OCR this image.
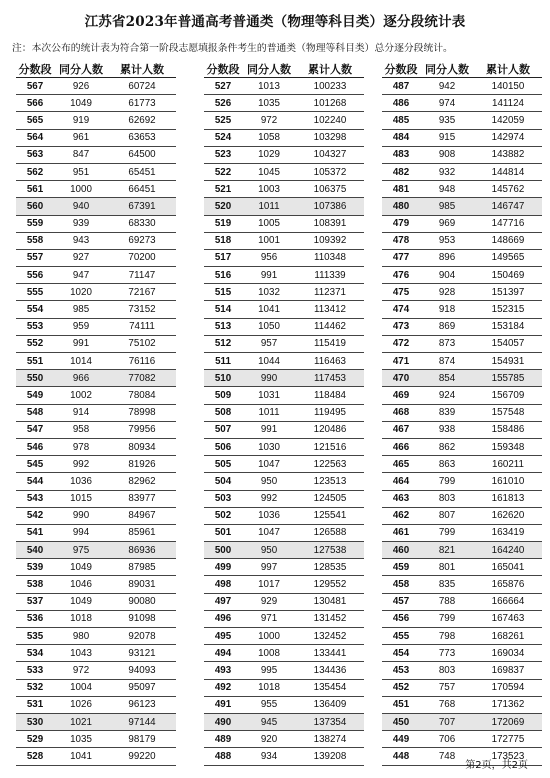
江苏省2023年普通高考普通类（物理等科目类）逐分段统计表
注：本次公布的统计表为符合第一阶段志愿填报条件考生的普通类（物理等科目类）总分逐分段统计。
分数段 同分人数	累计人数
567	926	60724
566	1049	61773
565	919	62692
564	961	63653
563	847	64500
562	951	65451
561	1000	66451
560	940	67391
559	939	68330
558	943	69273
557	927	70200
556	947	71147
555	1020	72167
554	985	73152
553	959	74111
552	991	75102
551	1014	76116
550	966	77082
549	1002	78084
548	914	78998
547	958	79956
546	978	80934
545	992	81926
544	1036	82962
543	1015	83977
542	990	84967
541	994	85961
540	975	86936
539	1049	87985
538	1046	89031
537	1049	90080
536	1018	91098
535	980	92078
534	1043	93121
533	972	94093
532	1004	95097
531	1026	96123
530	1021	97144
529	1035	98179
528	1041	99220
分数段 同分人数	累计人数
527	1013	100233
526	1035	101268
525	972	102240
524	1058	103298
523	1029	104327
522	1045	105372
521	1003	106375
520	1011	107386
519	1005	108391
518	1001	109392
517	956	110348
516	991	111339
515	1032	112371
514	1041	113412
513	1050	114462
512	957	115419
511	1044	116463
510	990	117453
509	1031	118484
508	1011	119495
507	991	120486
506	1030	121516
505	1047	122563
504	950	123513
503	992	124505
502	1036	125541
501	1047	126588
500	950	127538
499	997	128535
498	1017	129552
497	929	130481
496	971	131452
495	1000	132452
494	1008	133441
493	995	134436
492	1018	135454
491	955	136409
490	945	137354
489	920	138274
488	934	139208
分数段 同分人数	累计人数
487	942	140150
486	974	141124
485	935	142059
484	915	142974
483	908	143882
482	932	144814
481	948	145762
480	985	146747
479	969	147716
478	953	148669
477	896	149565
476	904	150469
475	928	151397
474	918	152315
473	869	153184
472	873	154057
471	874	154931
470	854	155785
469	924	156709
468	839	157548
467	938	158486
466	862	159348
465	863	160211
464	799	161010
463	803	161813
462	807	162620
461	799	163419
460	821	164240
459	801	165041
458	835	165876
457	788	166664
456	799	167463
455	798	168261
454	773	169034
453	803	169837
452	757	170594
451	768	171362
450	707	172069
449	706	172775
448	748	173523
第2页，共2页
